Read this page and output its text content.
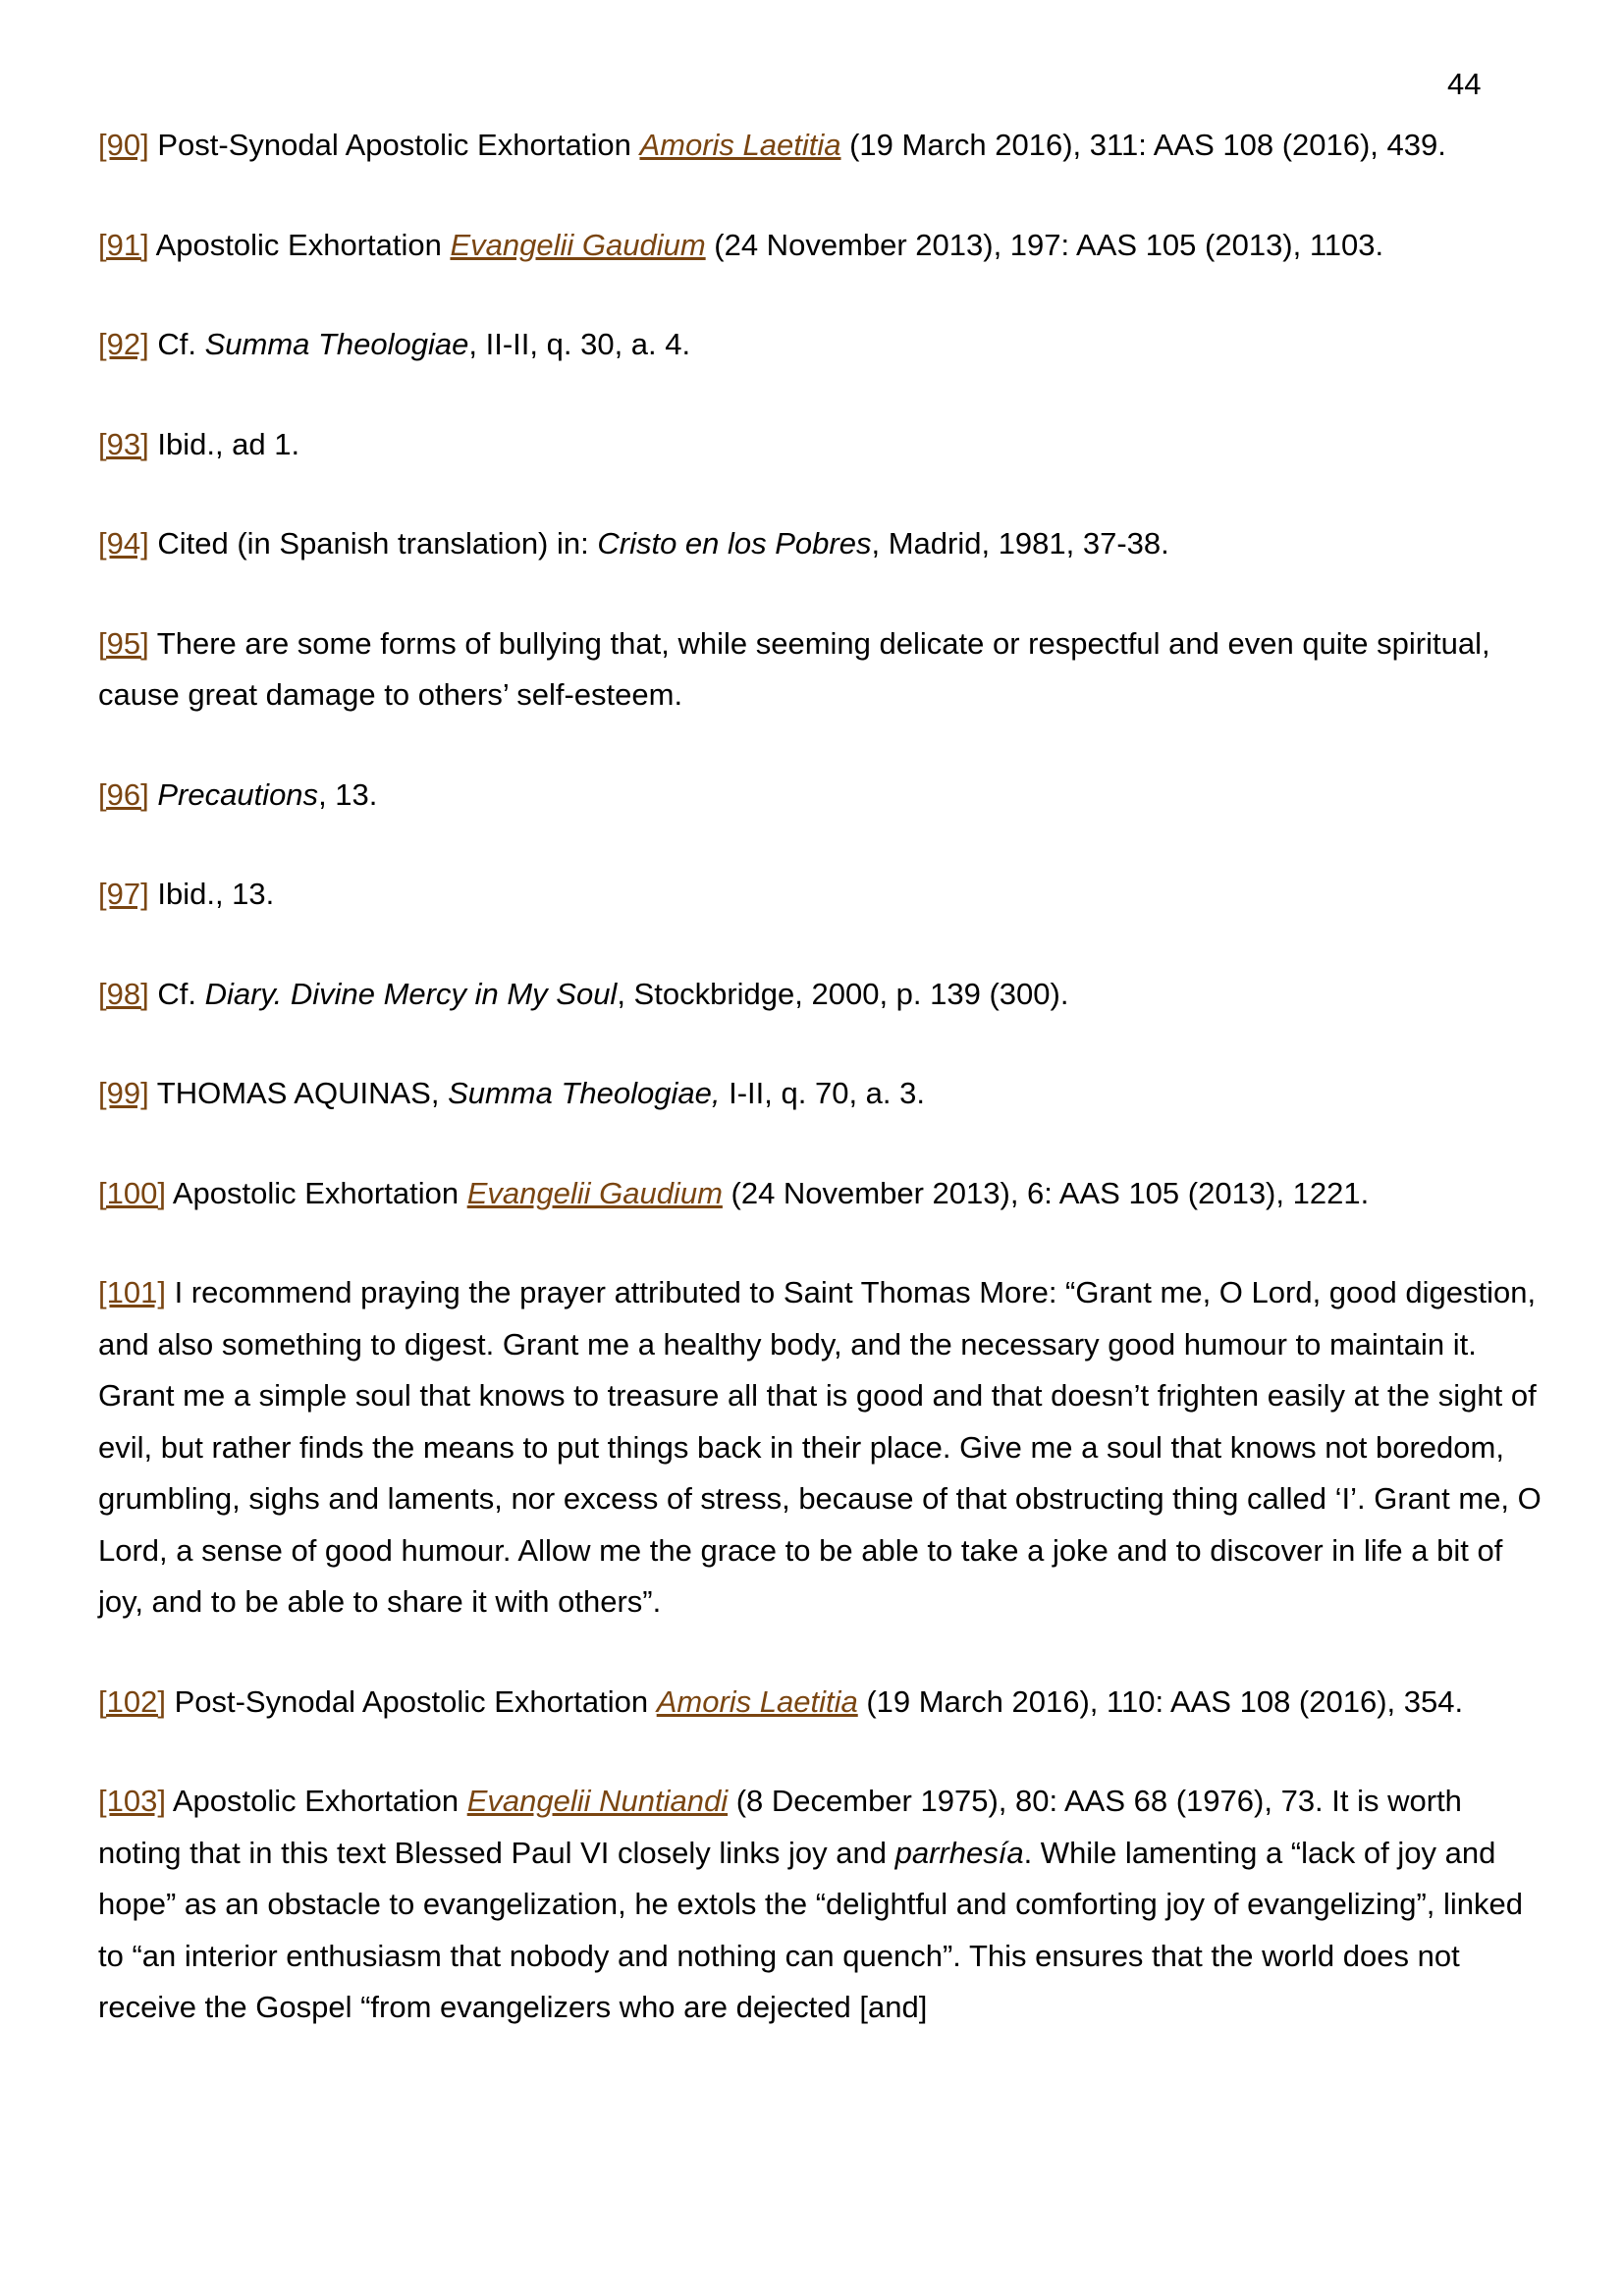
44

[90] Post-Synodal Apostolic Exhortation Amoris Laetitia (19 March 2016), 311: AAS 108 (2016), 439.

[91] Apostolic Exhortation Evangelii Gaudium (24 November 2013), 197: AAS 105 (2013), 1103.

[92] Cf. Summa Theologiae, II-II, q. 30, a. 4.

[93] Ibid., ad 1.

[94] Cited (in Spanish translation) in: Cristo en los Pobres, Madrid, 1981, 37-38.

[95] There are some forms of bullying that, while seeming delicate or respectful and even quite spiritual, cause great damage to others’ self-esteem.

[96] Precautions, 13.

[97] Ibid., 13.

[98] Cf. Diary. Divine Mercy in My Soul, Stockbridge, 2000, p. 139 (300).

[99] THOMAS AQUINAS, Summa Theologiae, I-II, q. 70, a. 3.

[100] Apostolic Exhortation Evangelii Gaudium (24 November 2013), 6: AAS 105 (2013), 1221.

[101] I recommend praying the prayer attributed to Saint Thomas More: “Grant me, O Lord, good digestion, and also something to digest. Grant me a healthy body, and the necessary good humour to maintain it. Grant me a simple soul that knows to treasure all that is good and that doesn’t frighten easily at the sight of evil, but rather finds the means to put things back in their place. Give me a soul that knows not boredom, grumbling, sighs and laments, nor excess of stress, because of that obstructing thing called ‘I’. Grant me, O Lord, a sense of good humour. Allow me the grace to be able to take a joke and to discover in life a bit of joy, and to be able to share it with others”.

[102] Post-Synodal Apostolic Exhortation Amoris Laetitia (19 March 2016), 110: AAS 108 (2016), 354.

[103] Apostolic Exhortation Evangelii Nuntiandi (8 December 1975), 80: AAS 68 (1976), 73. It is worth noting that in this text Blessed Paul VI closely links joy and parrhesía. While lamenting a “lack of joy and hope” as an obstacle to evangelization, he extols the “delightful and comforting joy of evangelizing”, linked to “an interior enthusiasm that nobody and nothing can quench”. This ensures that the world does not receive the Gospel “from evangelizers who are dejected [and]
